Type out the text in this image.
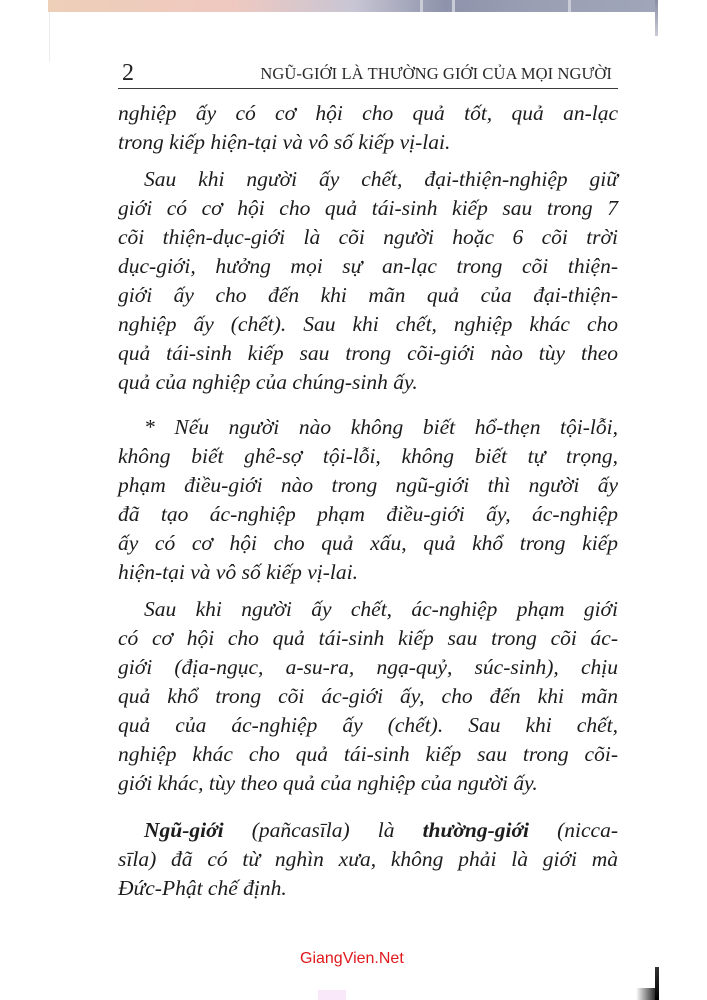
2	NGŨ-GIỚI LÀ THƯỜNG GIỚI CỦA MỌI NGƯỜI

nghiệp ấy có cơ hội cho quả tốt, quả an-lạc
trong kiếp hiện-tại và vô số kiếp vị-lai.

Sau khi người ấy chết, đại-thiện-nghiệp giữ
giới có cơ hội cho quả tái-sinh kiếp sau trong 7
cõi thiện-dục-giới là cõi người hoặc 6 cõi trời
dục-giới, hưởng mọi sự an-lạc trong cõi thiện-
giới ấy cho đến khi mãn quả của đại-thiện-
nghiệp ấy (chết). Sau khi chết, nghiệp khác cho
quả tái-sinh kiếp sau trong cõi-giới nào tùy theo
quả của nghiệp của chúng-sinh ấy.

* Nếu người nào không biết hổ-thẹn tội-lỗi,
không biết ghê-sợ tội-lỗi, không biết tự trọng,
phạm điều-giới nào trong ngũ-giới thì người ấy
đã tạo ác-nghiệp phạm điều-giới ấy, ác-nghiệp
ấy có cơ hội cho quả xấu, quả khổ trong kiếp
hiện-tại và vô số kiếp vị-lai.

Sau khi người ấy chết, ác-nghiệp phạm giới
có cơ hội cho quả tái-sinh kiếp sau trong cõi ác-
giới (địa-ngục, a-su-ra, ngạ-quỷ, súc-sinh), chịu
quả khổ trong cõi ác-giới ấy, cho đến khi mãn
quả của ác-nghiệp ấy (chết). Sau khi chết,
nghiệp khác cho quả tái-sinh kiếp sau trong cõi-
giới khác, tùy theo quả của nghiệp của người ấy.

Ngũ-giới (pañcasīla) là thường-giới (nicca-
sīla) đã có từ nghìn xưa, không phải là giới mà
Đức-Phật chế định.

GiangVien.Net
